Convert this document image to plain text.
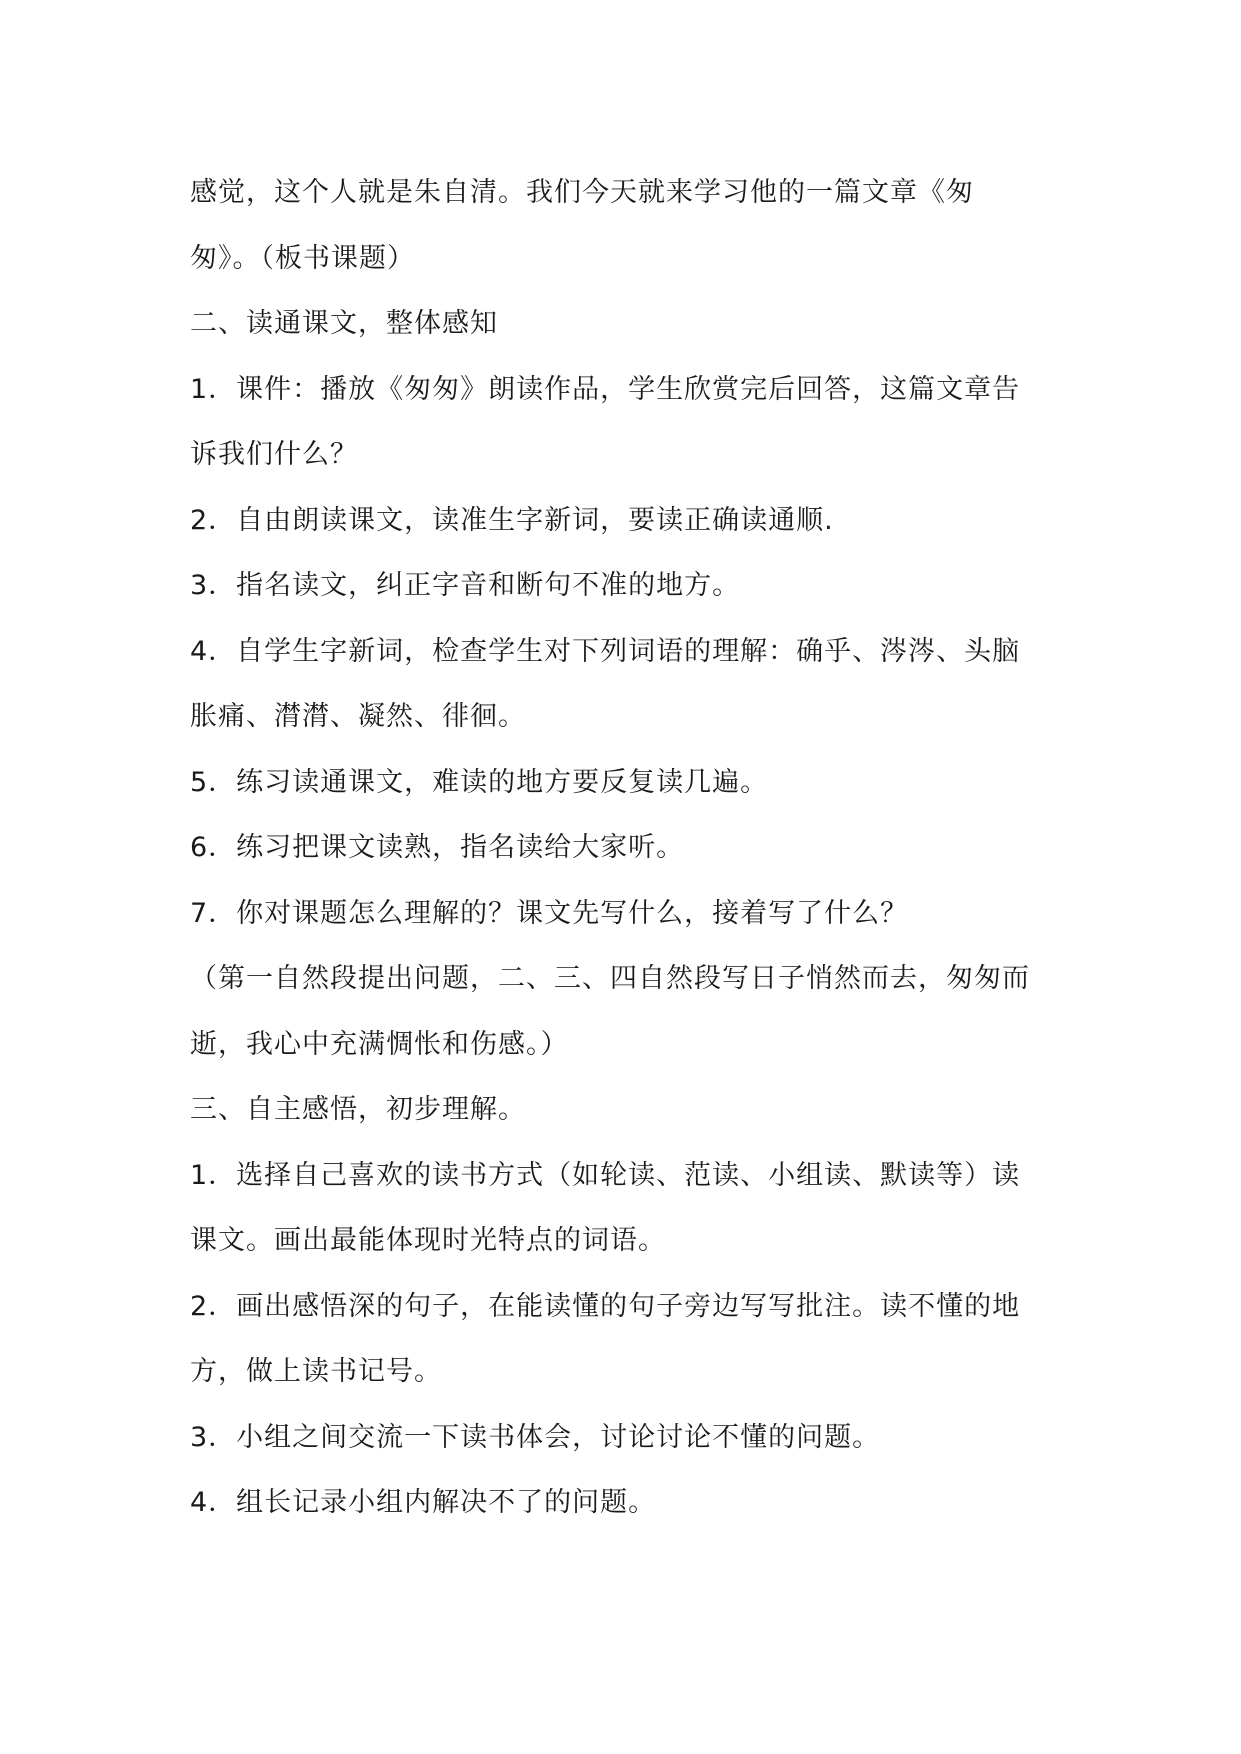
感觉，这个人就是朱自清。我们今天就来学习他的一篇文章《匆
匆》。（板书课题）
二、读通课文，整体感知
1．课件：播放《匆匆》朗读作品，学生欣赏完后回答，这篇文章告
诉我们什么？
2．自由朗读课文，读准生字新词，要读正确读通顺.
3．指名读文，纠正字音和断句不准的地方。
4．自学生字新词，检查学生对下列词语的理解：确乎、涔涔、头脑
胀痛、潸潸、凝然、徘徊。
5．练习读通课文，难读的地方要反复读几遍。
6．练习把课文读熟，指名读给大家听。
7．你对课题怎么理解的？课文先写什么，接着写了什么？
（第一自然段提出问题，二、三、四自然段写日子悄然而去，匆匆而
逝，我心中充满惆怅和伤感。）
三、自主感悟，初步理解。
1．选择自己喜欢的读书方式（如轮读、范读、小组读、默读等）读
课文。画出最能体现时光特点的词语。
2．画出感悟深的句子，在能读懂的句子旁边写写批注。读不懂的地
方，做上读书记号。
3．小组之间交流一下读书体会，讨论讨论不懂的问题。
4．组长记录小组内解决不了的问题。
